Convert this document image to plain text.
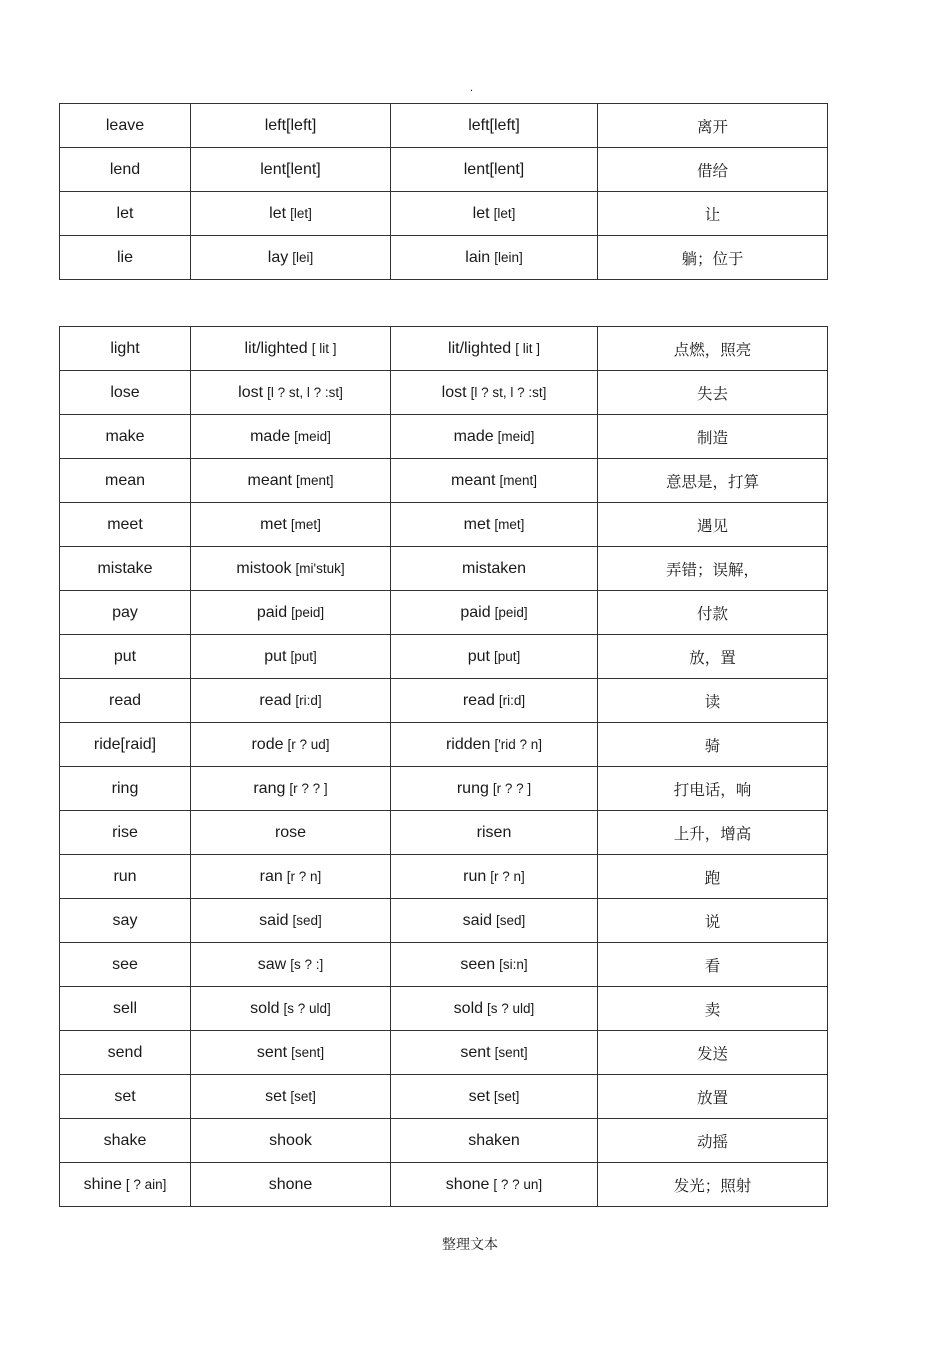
.
leave	left[left]	left[left]	离开
lend	lent[lent]	lent[lent]	借给
let	let [let]	let [let]	让
lie	lay [lei]	lain [lein]	躺；位于
light	lit/lighted [ lit ]	lit/lighted [ lit ]	点燃，照亮
lose	lost [l ? st, l ? :st]	lost [l ? st, l ? :st]	失去
make	made [meid]	made [meid]	制造
mean	meant [ment]	meant [ment]	意思是，打算
meet	met [met]	met [met]	遇见
mistake	mistook [mi'stuk]	mistaken	弄错；误解，
pay	paid [peid]	paid [peid]	付款
put	put [put]	put [put]	放，置
read	read [ri:d]	read [ri:d]	读
ride[raid]	rode [r ? ud]	ridden ['rid ? n]	骑
ring	rang [r ? ? ]	rung [r ? ? ]	打电话，响
rise	rose	risen	上升，增高
run	ran [r ? n]	run [r ? n]	跑
say	said [sed]	said [sed]	说
see	saw [s ? :]	seen [si:n]	看
sell	sold [s ? uld]	sold [s ? uld]	卖
send	sent [sent]	sent [sent]	发送
set	set [set]	set [set]	放置
shake	shook	shaken	动摇
shine [ ? ain]	shone	shone [ ? ? un]	发光；照射
整理文本
